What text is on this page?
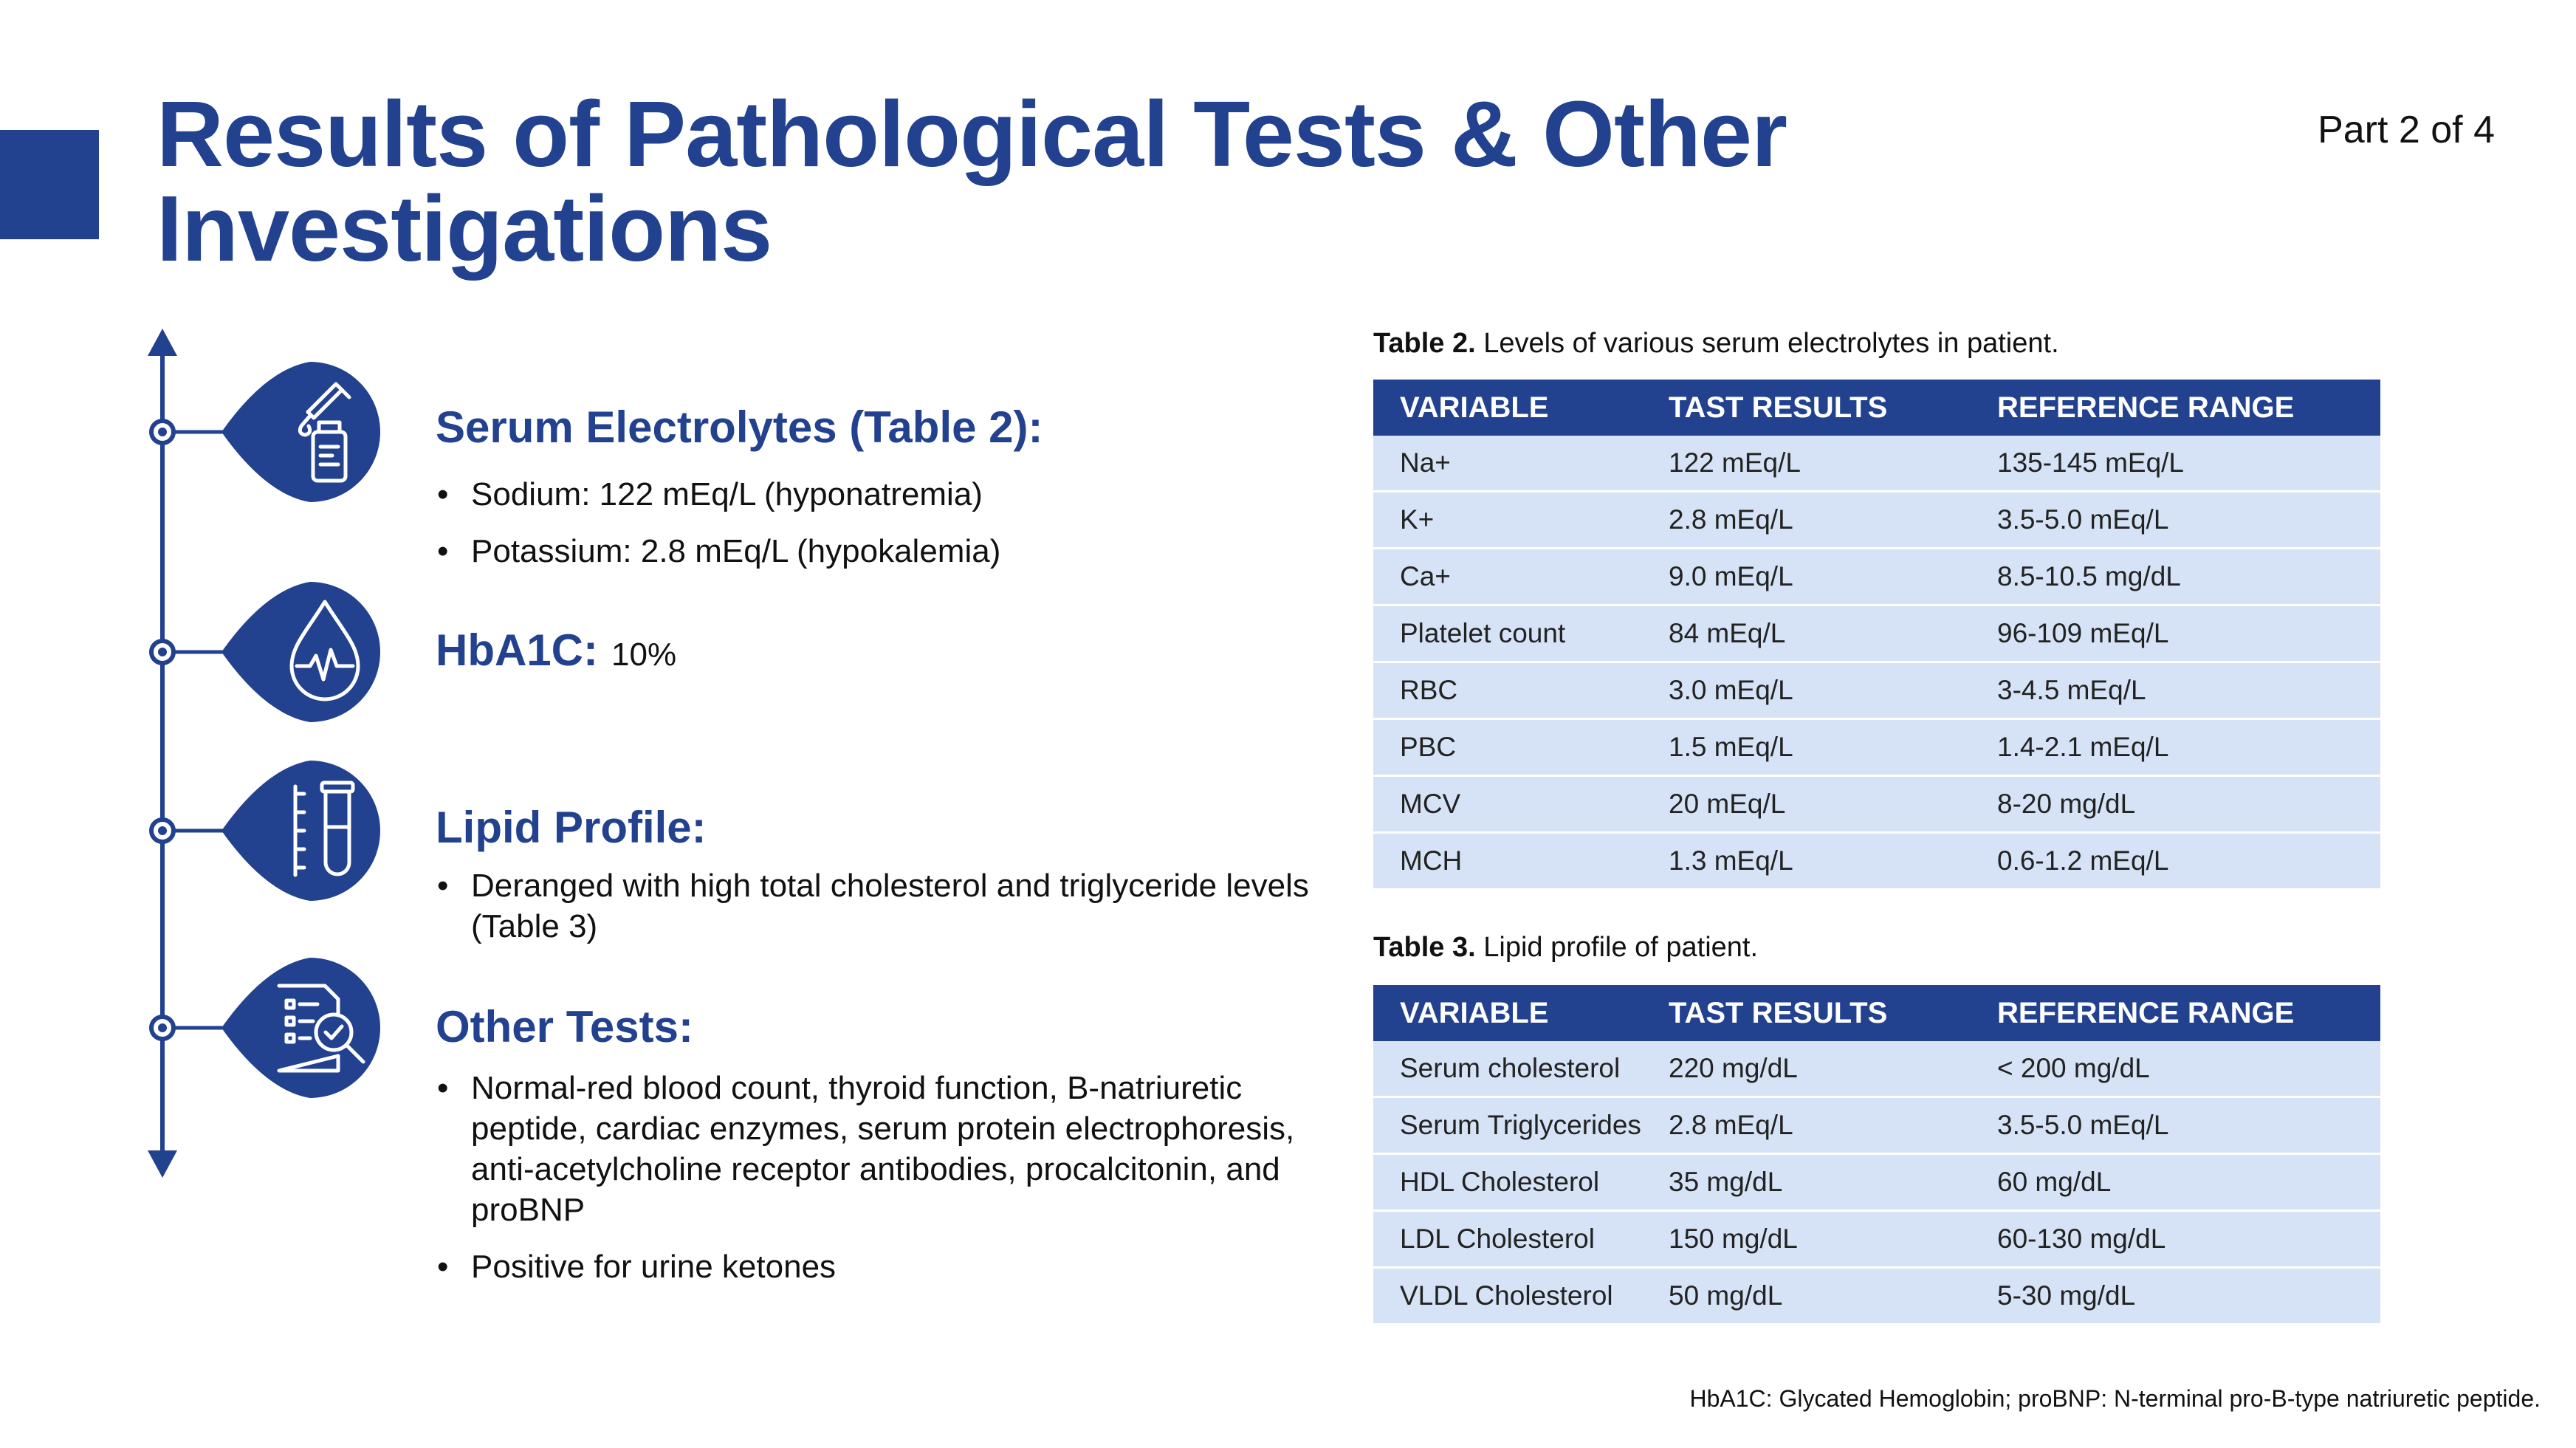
Results of Pathological Tests & Other Investigations
Part 2 of 4
Serum Electrolytes (Table 2):
• Sodium: 122 mEq/L (hyponatremia)
• Potassium: 2.8 mEq/L (hypokalemia)
HbA1C: 10%
Lipid Profile:
• Deranged with high total cholesterol and triglyceride levels (Table 3)
Other Tests:
• Normal-red blood count, thyroid function, B-natriuretic peptide, cardiac enzymes, serum protein electrophoresis, anti-acetylcholine receptor antibodies, procalcitonin, and proBNP
• Positive for urine ketones
Table 2. Levels of various serum electrolytes in patient.
VARIABLE	TAST RESULTS	REFERENCE RANGE
Na+	122 mEq/L	135-145 mEq/L
K+	2.8 mEq/L	3.5-5.0 mEq/L
Ca+	9.0 mEq/L	8.5-10.5 mg/dL
Platelet count	84 mEq/L	96-109 mEq/L
RBC	3.0 mEq/L	3-4.5 mEq/L
PBC	1.5 mEq/L	1.4-2.1 mEq/L
MCV	20 mEq/L	8-20 mg/dL
MCH	1.3 mEq/L	0.6-1.2 mEq/L
Table 3. Lipid profile of patient.
VARIABLE	TAST RESULTS	REFERENCE RANGE
Serum cholesterol	220 mg/dL	< 200 mg/dL
Serum Triglycerides	2.8 mEq/L	3.5-5.0 mEq/L
HDL Cholesterol	35 mg/dL	60 mg/dL
LDL Cholesterol	150 mg/dL	60-130 mg/dL
VLDL Cholesterol	50 mg/dL	5-30 mg/dL
HbA1C: Glycated Hemoglobin; proBNP: N-terminal pro-B-type natriuretic peptide.
